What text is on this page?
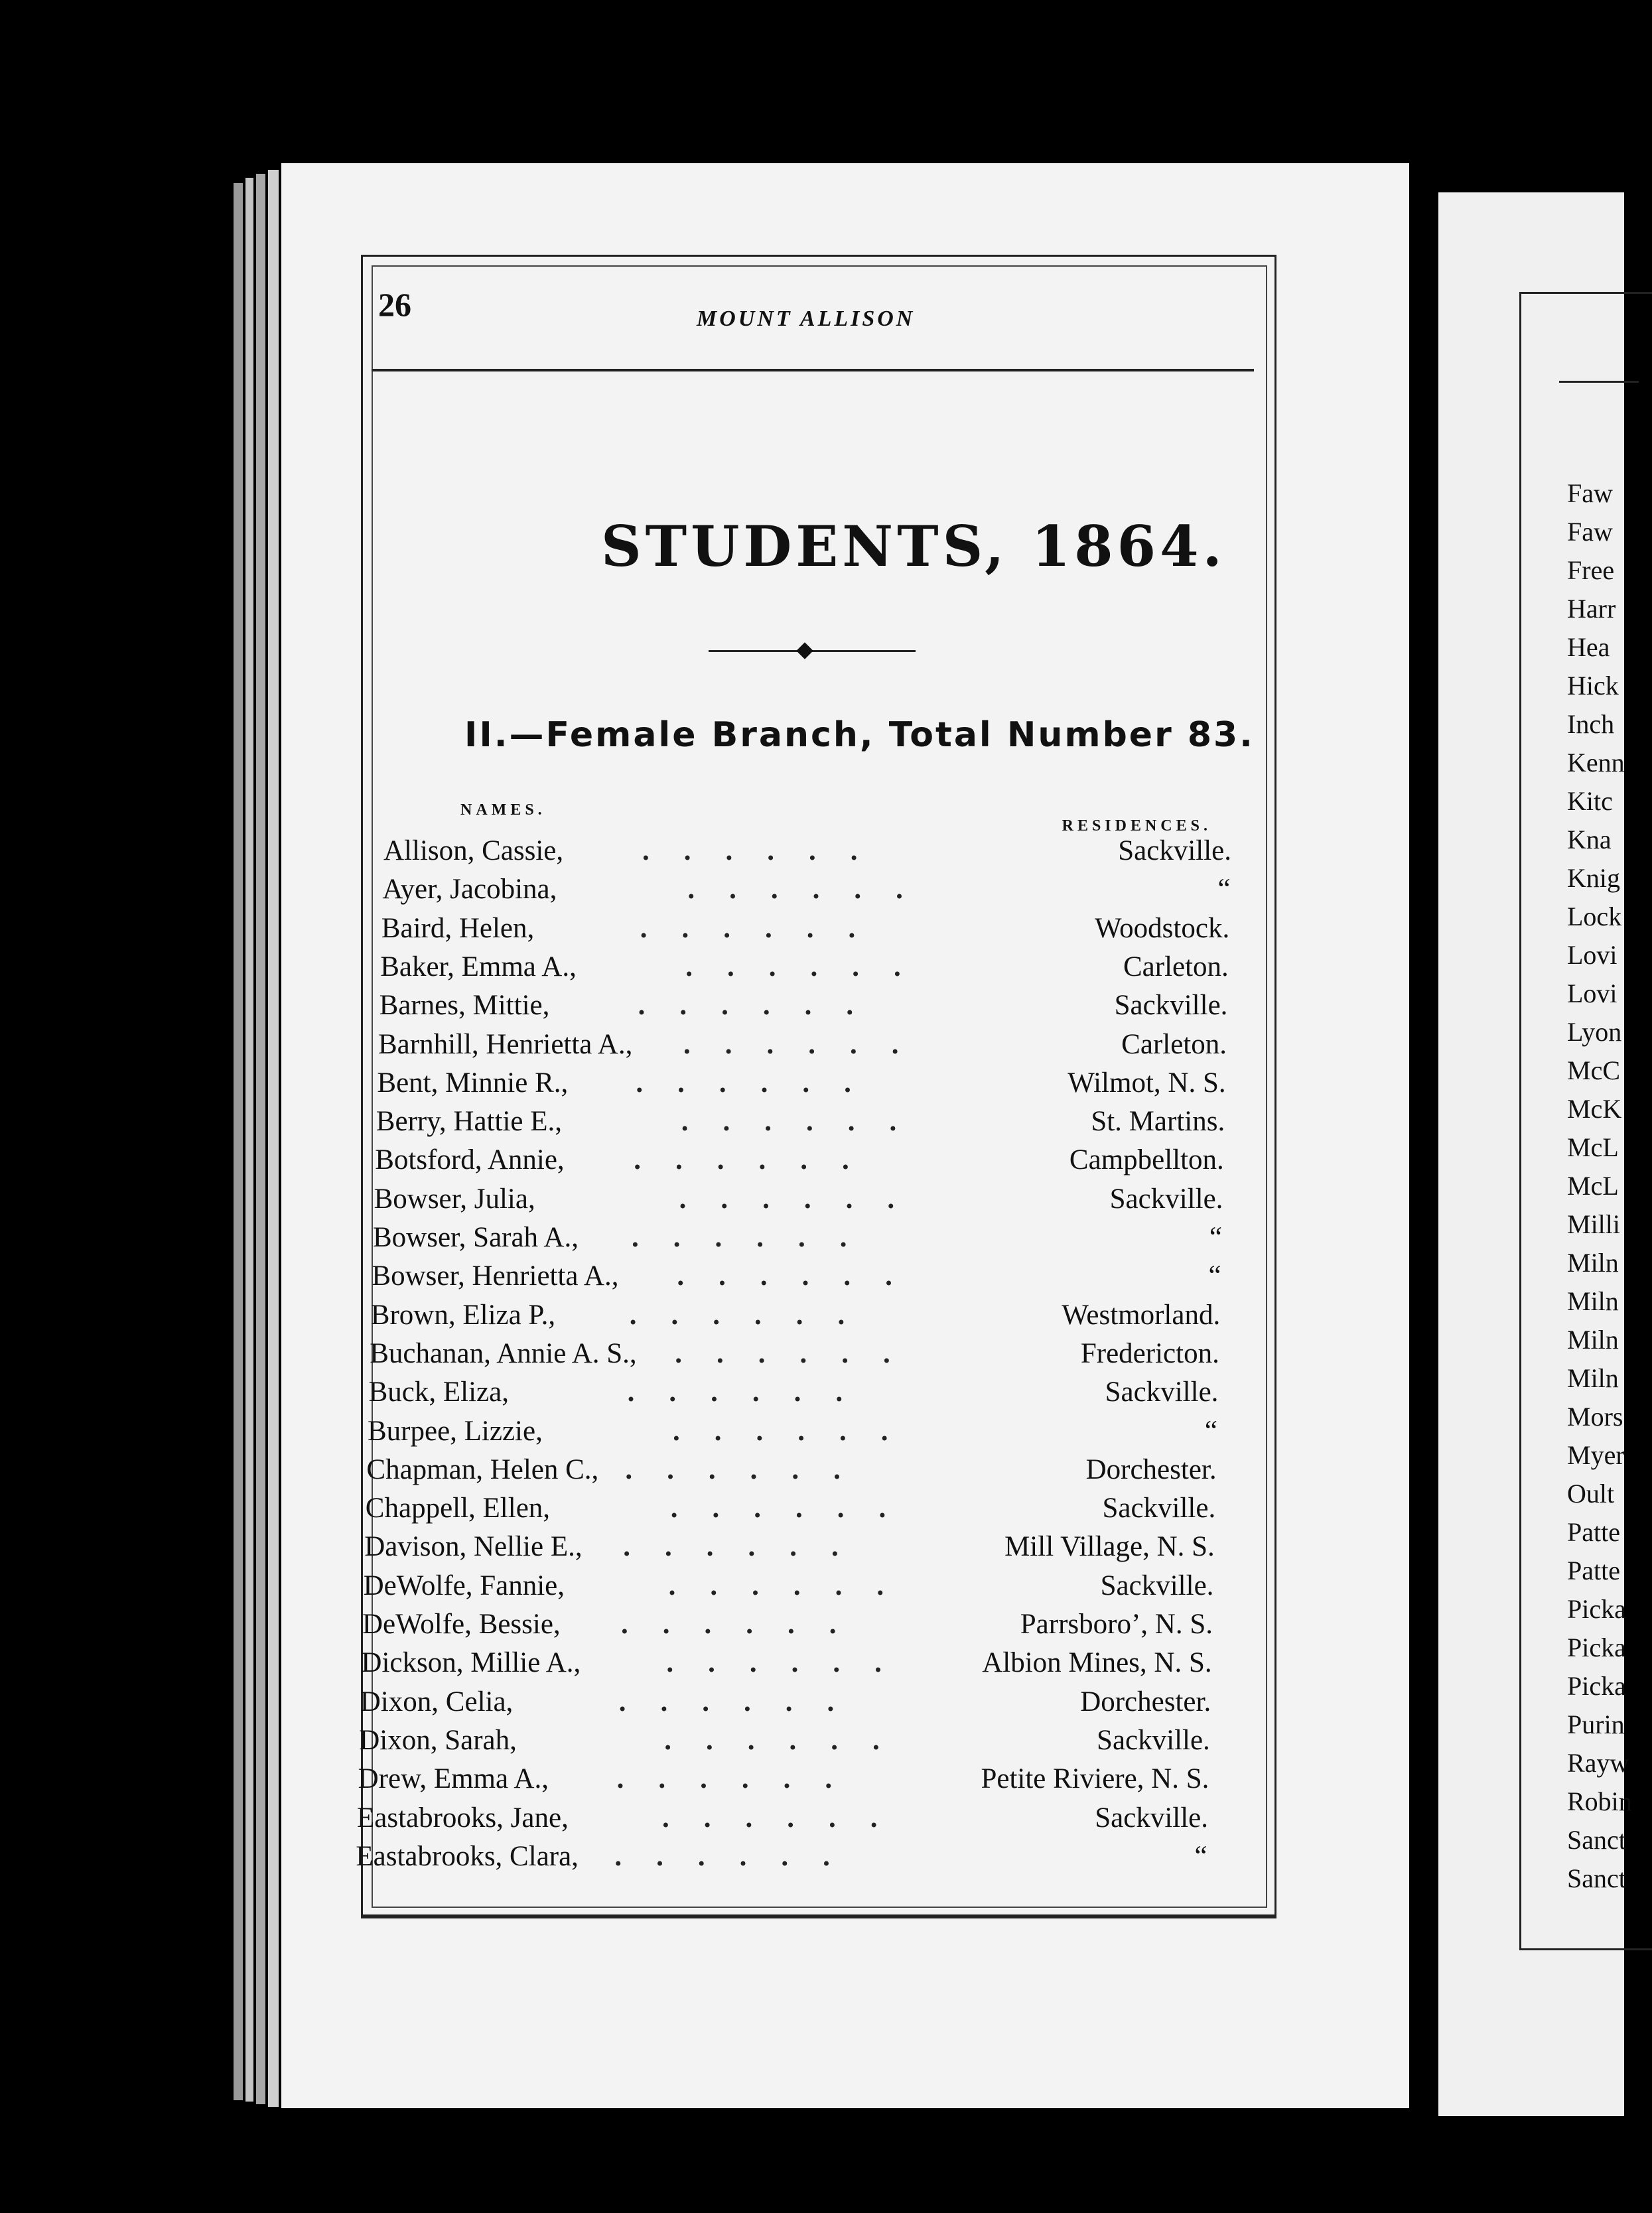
26	MOUNT ALLISON
STUDENTS, 1864.
II.—Female Branch, Total Number 83.
NAMES.
RESIDENCES.
Allison, Cassie,	......	Sackville.
Ayer, Jacobina,	......	“
Baird, Helen,	......	Woodstock.
Baker, Emma A.,	......	Carleton.
Barnes, Mittie,	......	Sackville.
Barnhill, Henrietta A., ......	Carleton.
Bent, Minnie R., ......	Wilmot, N. S.
Berry, Hattie E.,	......	St. Martins.
Botsford, Annie, ......	Campbellton.
Bowser, Julia,	......	Sackville.
Bowser, Sarah A., ......	“
Bowser, Henrietta A., ......	“
Brown, Eliza P.,	......	Westmorland.
Buchanan, Annie A. S., ......	Fredericton.
Buck, Eliza,	......	Sackville.
Burpee, Lizzie,	......	“
Chapman, Helen C., ......	Dorchester.
Chappell, Ellen,	......	Sackville.
Davison, Nellie E., ......	Mill Village, N. S.
DeWolfe, Fannie,	......	Sackville.
DeWolfe, Bessie, ......	Parrsboro’, N. S.
Dickson, Millie A.,	...... Albion Mines, N. S.
Dixon, Celia,	......	Dorchester.
Dixon, Sarah,	......	Sackville.
Drew, Emma A., ......	Petite Riviere, N. S.
Eastabrooks, Jane,	......	Sackville.
Eastabrooks, Clara, ......	“
Faw
Faw
Free
Harr
Hea
Hick
Inch
Kenn
Kitc
Kna
Knig
Lock
Lovi
Lovi
Lyon
McC
McK
McL
McL
Milli
Miln
Miln
Miln
Miln
Mors
Myer
Oult
Patte
Patte
Picka
Picka
Picka
Purin
Rayw
Robin
Sanct
Sanct
